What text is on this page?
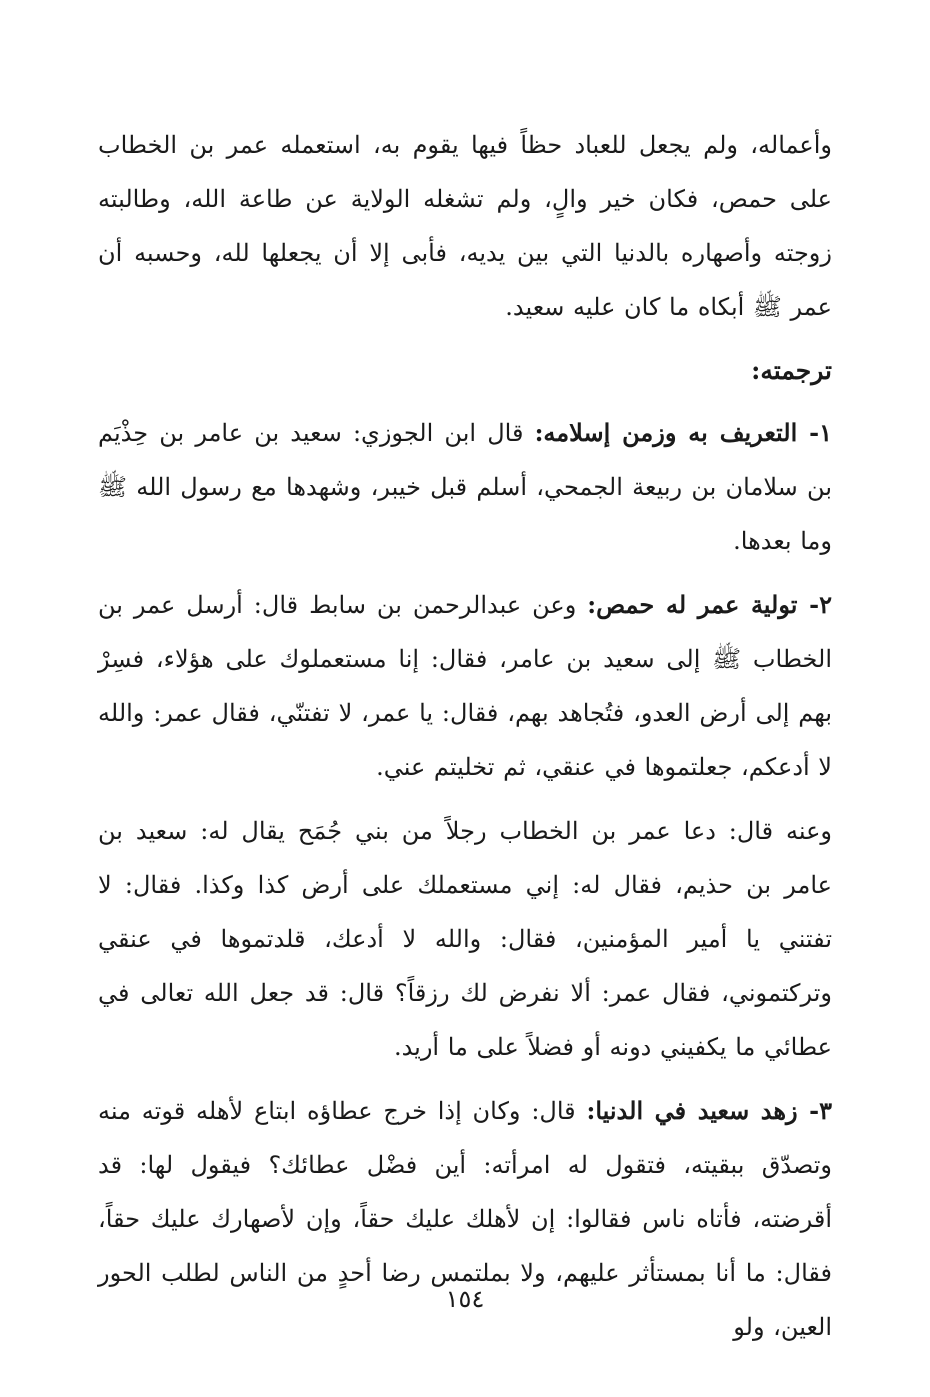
وأعماله، ولم يجعل للعباد حظاً فيها يقوم به، استعمله عمر بن الخطاب على حمص، فكان خير والٍ، ولم تشغله الولاية عن طاعة الله، وطالبته زوجته وأصهاره بالدنيا التي بين يديه، فأبى إلا أن يجعلها لله، وحسبه أن عمر ﷺ أبكاه ما كان عليه سعيد.

ترجمته:

١- التعريف به وزمن إسلامه: قال ابن الجوزي: سعيد بن عامر بن حِذْيَم بن سلامان بن ربيعة الجمحي، أسلم قبل خيبر، وشهدها مع رسول الله ﷺ وما بعدها.

٢- تولية عمر له حمص: وعن عبدالرحمن بن سابط قال: أرسل عمر بن الخطاب ﷺ إلى سعيد بن عامر، فقال: إنا مستعملوك على هؤلاء، فسِرْ بهم إلى أرض العدو، فتُجاهد بهم، فقال: يا عمر، لا تفتنّي، فقال عمر: والله لا أدعكم، جعلتموها في عنقي، ثم تخليتم عني.

وعنه قال: دعا عمر بن الخطاب رجلاً من بني جُمَح يقال له: سعيد بن عامر بن حذيم، فقال له: إني مستعملك على أرض كذا وكذا. فقال: لا تفتني يا أمير المؤمنين، فقال: والله لا أدعك، قلدتموها في عنقي وتركتموني، فقال عمر: ألا نفرض لك رزقاً؟ قال: قد جعل الله تعالى في عطائي ما يكفيني دونه أو فضلاً على ما أريد.

٣- زهد سعيد في الدنيا: قال: وكان إذا خرج عطاؤه ابتاع لأهله قوته منه وتصدّق ببقيته، فتقول له امرأته: أين فضْل عطائك؟ فيقول لها: قد أقرضته، فأتاه ناس فقالوا: إن لأهلك عليك حقاً، وإن لأصهارك عليك حقاً، فقال: ما أنا بمستأثر عليهم، ولا بملتمس رضا أحدٍ من الناس لطلب الحور العين، ولو

١٥٤
